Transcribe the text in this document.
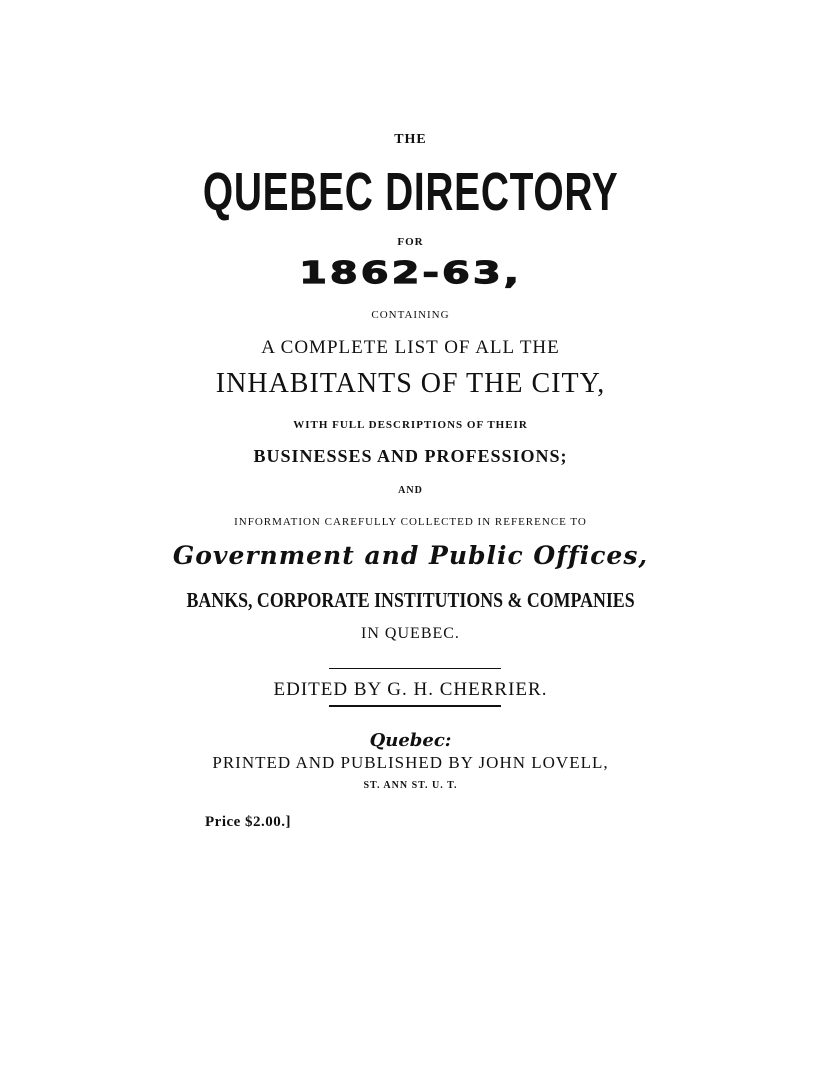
THE
QUEBEC DIRECTORY
FOR
1862-63,
CONTAINING
A COMPLETE LIST OF ALL THE
INHABITANTS OF THE CITY,
WITH FULL DESCRIPTIONS OF THEIR
BUSINESSES AND PROFESSIONS;
AND
INFORMATION CAREFULLY COLLECTED IN REFERENCE TO
Government and Public Offices,
BANKS, CORPORATE INSTITUTIONS & COMPANIES
IN QUEBEC.
EDITED BY G. H. CHERRIER.
Quebec:
PRINTED AND PUBLISHED BY JOHN LOVELL,
ST. ANN ST. U. T.
Price $2.00.]
